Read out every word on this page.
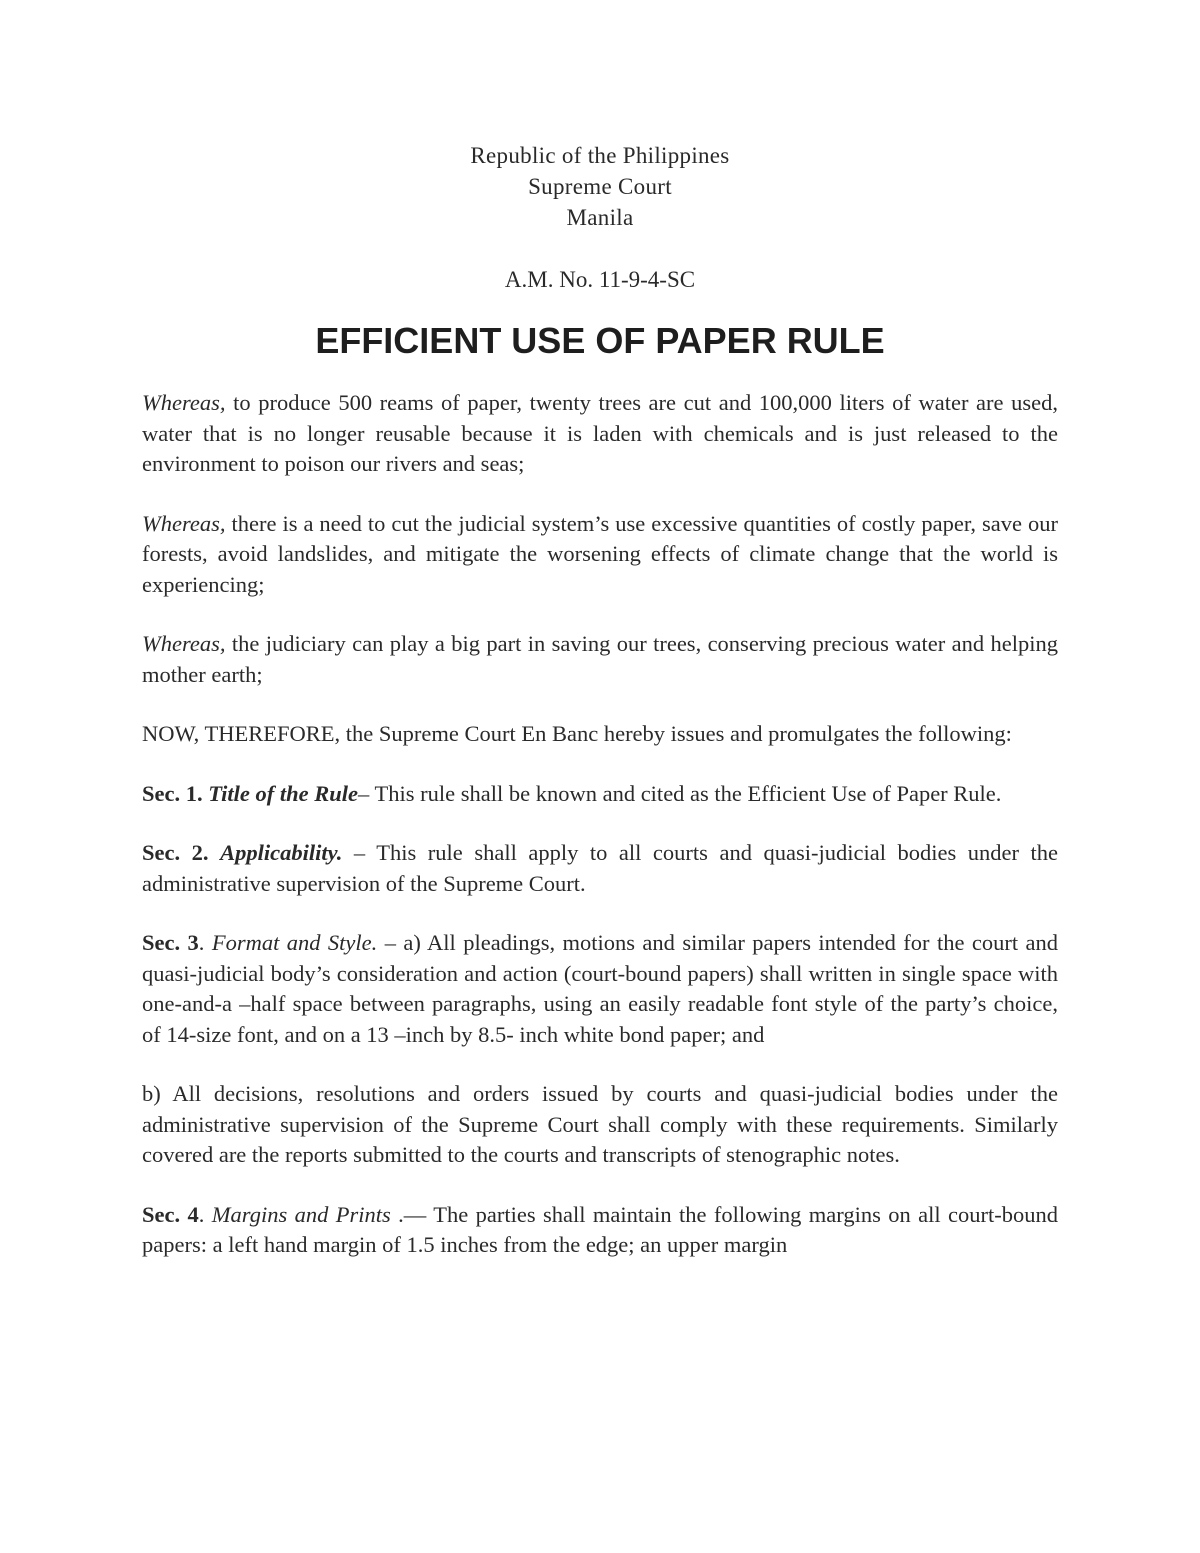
Republic of the Philippines

Supreme Court

Manila

A.M. No. 11-9-4-SC

EFFICIENT USE OF PAPER RULE

Whereas, to produce 500 reams of paper, twenty trees are cut and 100,000 liters of water are used, water that is no longer reusable because it is laden with chemicals and is just released to the environment to poison our rivers and seas;

Whereas, there is a need to cut the judicial system’s use excessive quantities of costly paper, save our forests, avoid landslides, and mitigate the worsening effects of climate change that the world is experiencing;

Whereas, the judiciary can play a big part in saving our trees, conserving precious water and helping mother earth;

NOW, THEREFORE, the Supreme Court En Banc hereby issues and promulgates the following:

Sec. 1. Title of the Rule– This rule shall be known and cited as the Efficient Use of Paper Rule.

Sec. 2. Applicability. – This rule shall apply to all courts and quasi-judicial bodies under the administrative supervision of the Supreme Court.

Sec. 3. Format and Style. – a) All pleadings, motions and similar papers intended for the court and quasi-judicial body’s consideration and action (court-bound papers) shall written in single space with one-and-a –half space between paragraphs, using an easily readable font style of the party’s choice, of 14-size font, and on a 13 –inch by 8.5- inch white bond paper; and

b) All decisions, resolutions and orders issued by courts and quasi-judicial bodies under the administrative supervision of the Supreme Court shall comply with these requirements. Similarly covered are the reports submitted to the courts and transcripts of stenographic notes.

Sec. 4. Margins and Prints .— The parties shall maintain the following margins on all court-bound papers: a left hand margin of 1.5 inches from the edge; an upper margin
